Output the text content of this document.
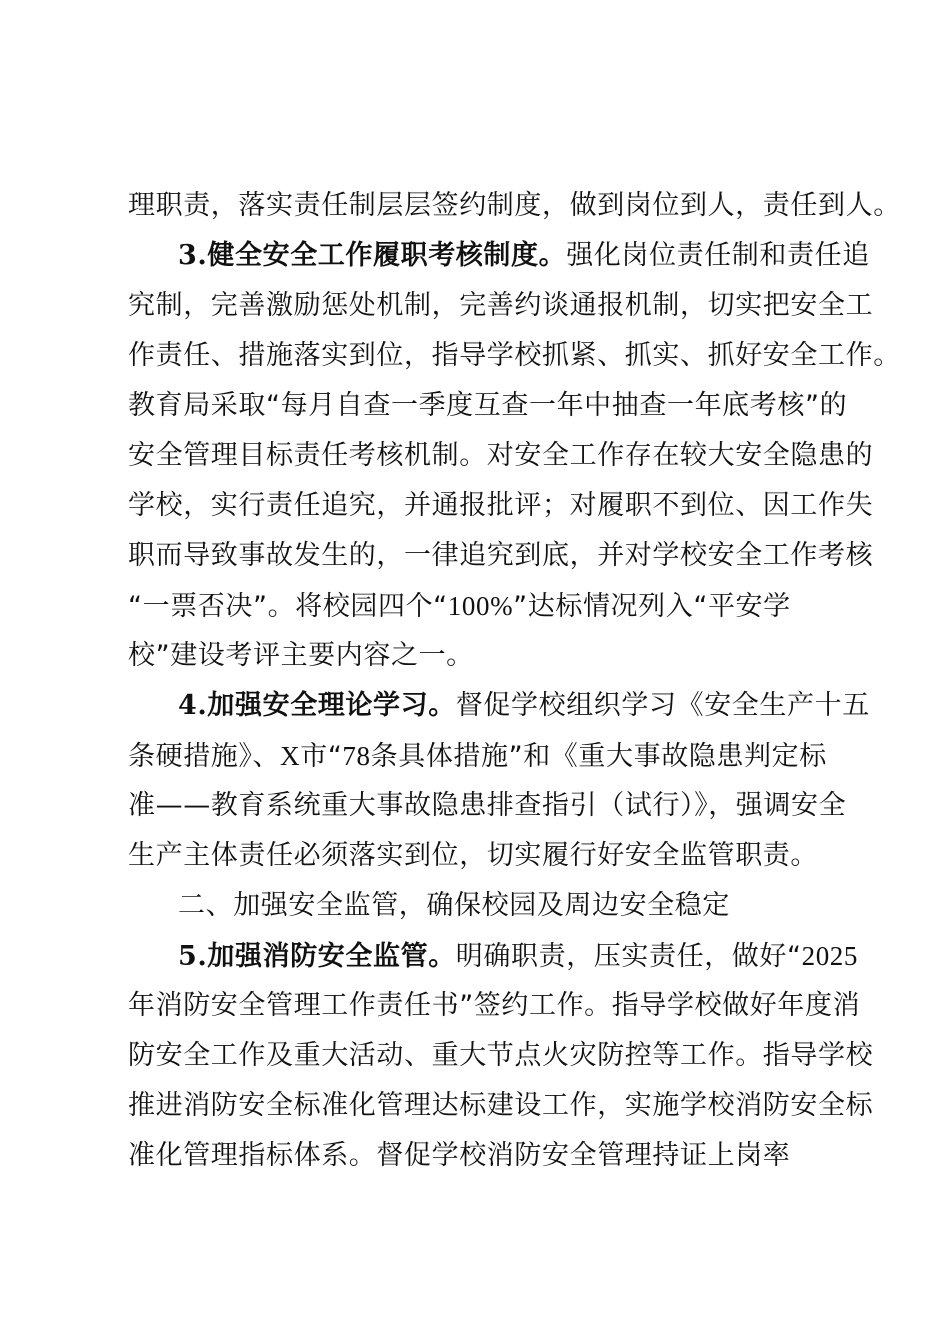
理职责，落实责任制层层签约制度，做到岗位到人，责任到人。
3.健全安全工作履职考核制度。强化岗位责任制和责任追
究制，完善激励惩处机制，完善约谈通报机制，切实把安全工
作责任、措施落实到位，指导学校抓紧、抓实、抓好安全工作。
教育局采取“每月自查一季度互查一年中抽查一年底考核”的
安全管理目标责任考核机制。对安全工作存在较大安全隐患的
学校，实行责任追究，并通报批评；对履职不到位、因工作失
职而导致事故发生的，一律追究到底，并对学校安全工作考核
“一票否决”。将校园四个“100%”达标情况列入“平安学
校”建设考评主要内容之一。
4.加强安全理论学习。督促学校组织学习《安全生产十五
条硬措施》、X市“78条具体措施”和《重大事故隐患判定标
准——教育系统重大事故隐患排查指引（试行）》，强调安全
生产主体责任必须落实到位，切实履行好安全监管职责。
二、加强安全监管，确保校园及周边安全稳定
5.加强消防安全监管。明确职责，压实责任，做好“2025
年消防安全管理工作责任书”签约工作。指导学校做好年度消
防安全工作及重大活动、重大节点火灾防控等工作。指导学校
推进消防安全标准化管理达标建设工作，实施学校消防安全标
准化管理指标体系。督促学校消防安全管理持证上岗率
